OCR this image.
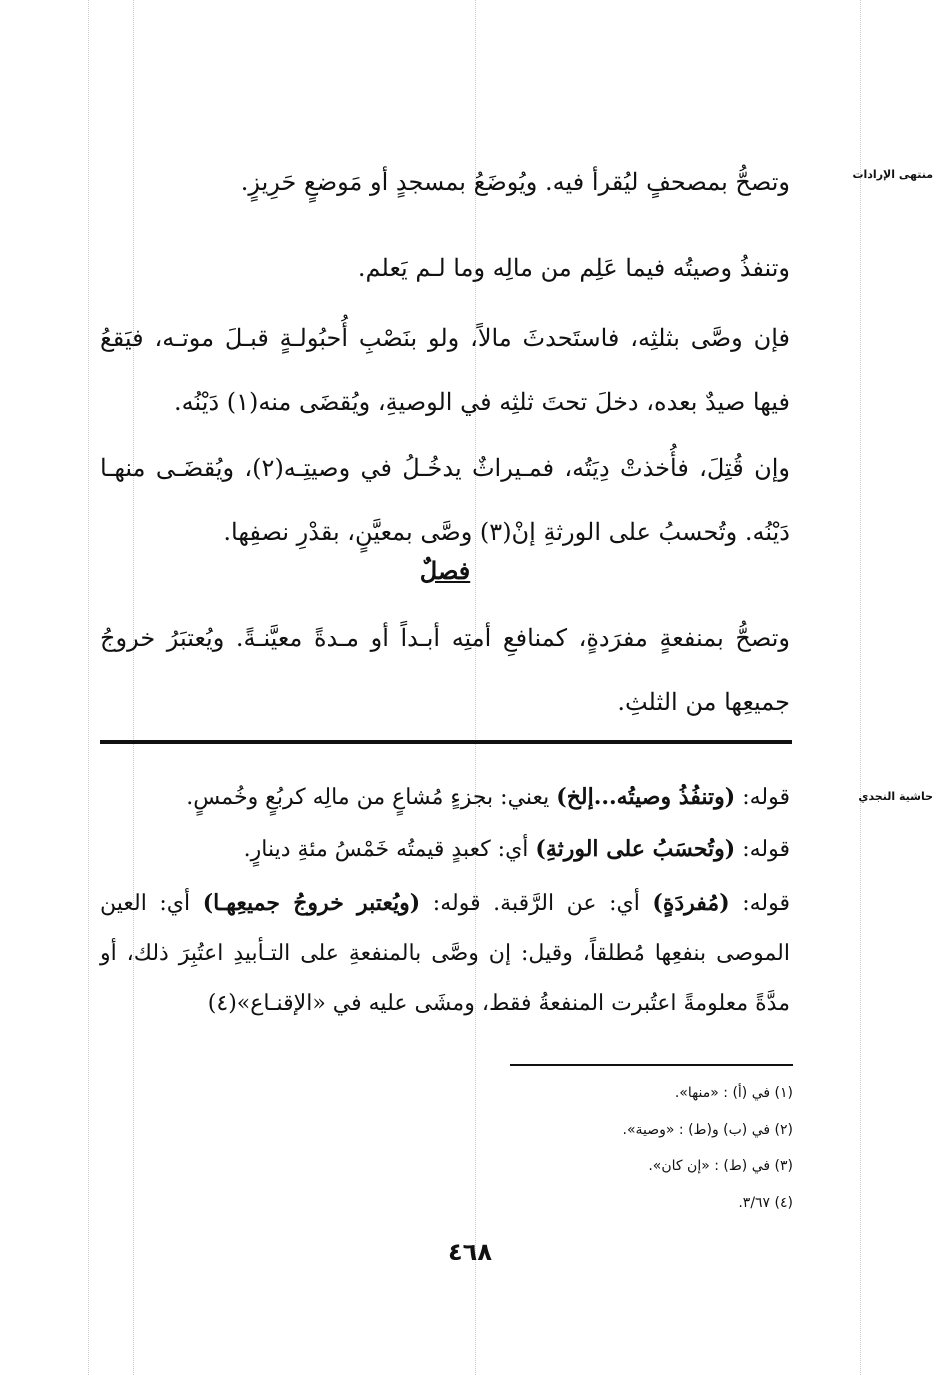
منتهى الإرادات

وتصحُّ بمصحفٍ ليُقرأ فيه. ويُوضَعُ بمسجدٍ أو مَوضعٍ حَرِيزٍ.

وتنفذُ وصيتُه فيما عَلِم من مالِه وما لـم يَعلم.

فإن وصَّى بثلثِه، فاستَحدثَ مالاً، ولو بنَصْبِ أُحبُولـةٍ قبـلَ موتـه، فيَقعُ فيها صيدٌ بعده، دخلَ تحتَ ثلثِه في الوصيةِ، ويُقضَى منه(١) دَيْنُه.

وإن قُتِلَ، فأُخذتْ دِيَتُه، فمـيراثٌ يدخُـلُ في وصيتِـه(٢)، ويُقضَـى منهـا دَيْنُه. وتُحسبُ على الورثةِ إنْ(٣) وصَّى بمعيَّنٍ، بقدْرِ نصفِها.

فصلٌ

وتصحُّ بمنفعةٍ مفرَدةٍ، كمنافعِ أمتِه أبـداً أو مـدةً معيَّنـةً. ويُعتبَرُ خروجُ جميعِها من الثلثِ.

حاشية النجدي

قوله: (وتنفُذُ وصيتُه...إلخ) يعني: بجزءٍ مُشاعٍ من مالِه كربُعٍ وخُمسٍ.

قوله: (وتُحسَبُ على الورثةِ) أي: كعبدٍ قيمتُه خَمْسُ مئةِ دينارٍ.

قوله: (مُفردَةٍ) أي: عن الرَّقبة. قوله: (ويُعتبر خروجُ جميعِهـا) أي: العين الموصى بنفعِها مُطلقاً، وقيل: إن وصَّى بالمنفعةِ على التـأبيدِ اعتُبِرَ ذلك، أو مدَّةً معلومةً اعتُبرت المنفعةُ فقط، ومشَى عليه في «الإقنـاع»(٤)

(١) في (أ) : «منها».
(٢) في (ب) و(ط) : «وصية».
(٣) في (ط) : «إن كان».
(٤) ٣/٦٧.
٤٦٨
